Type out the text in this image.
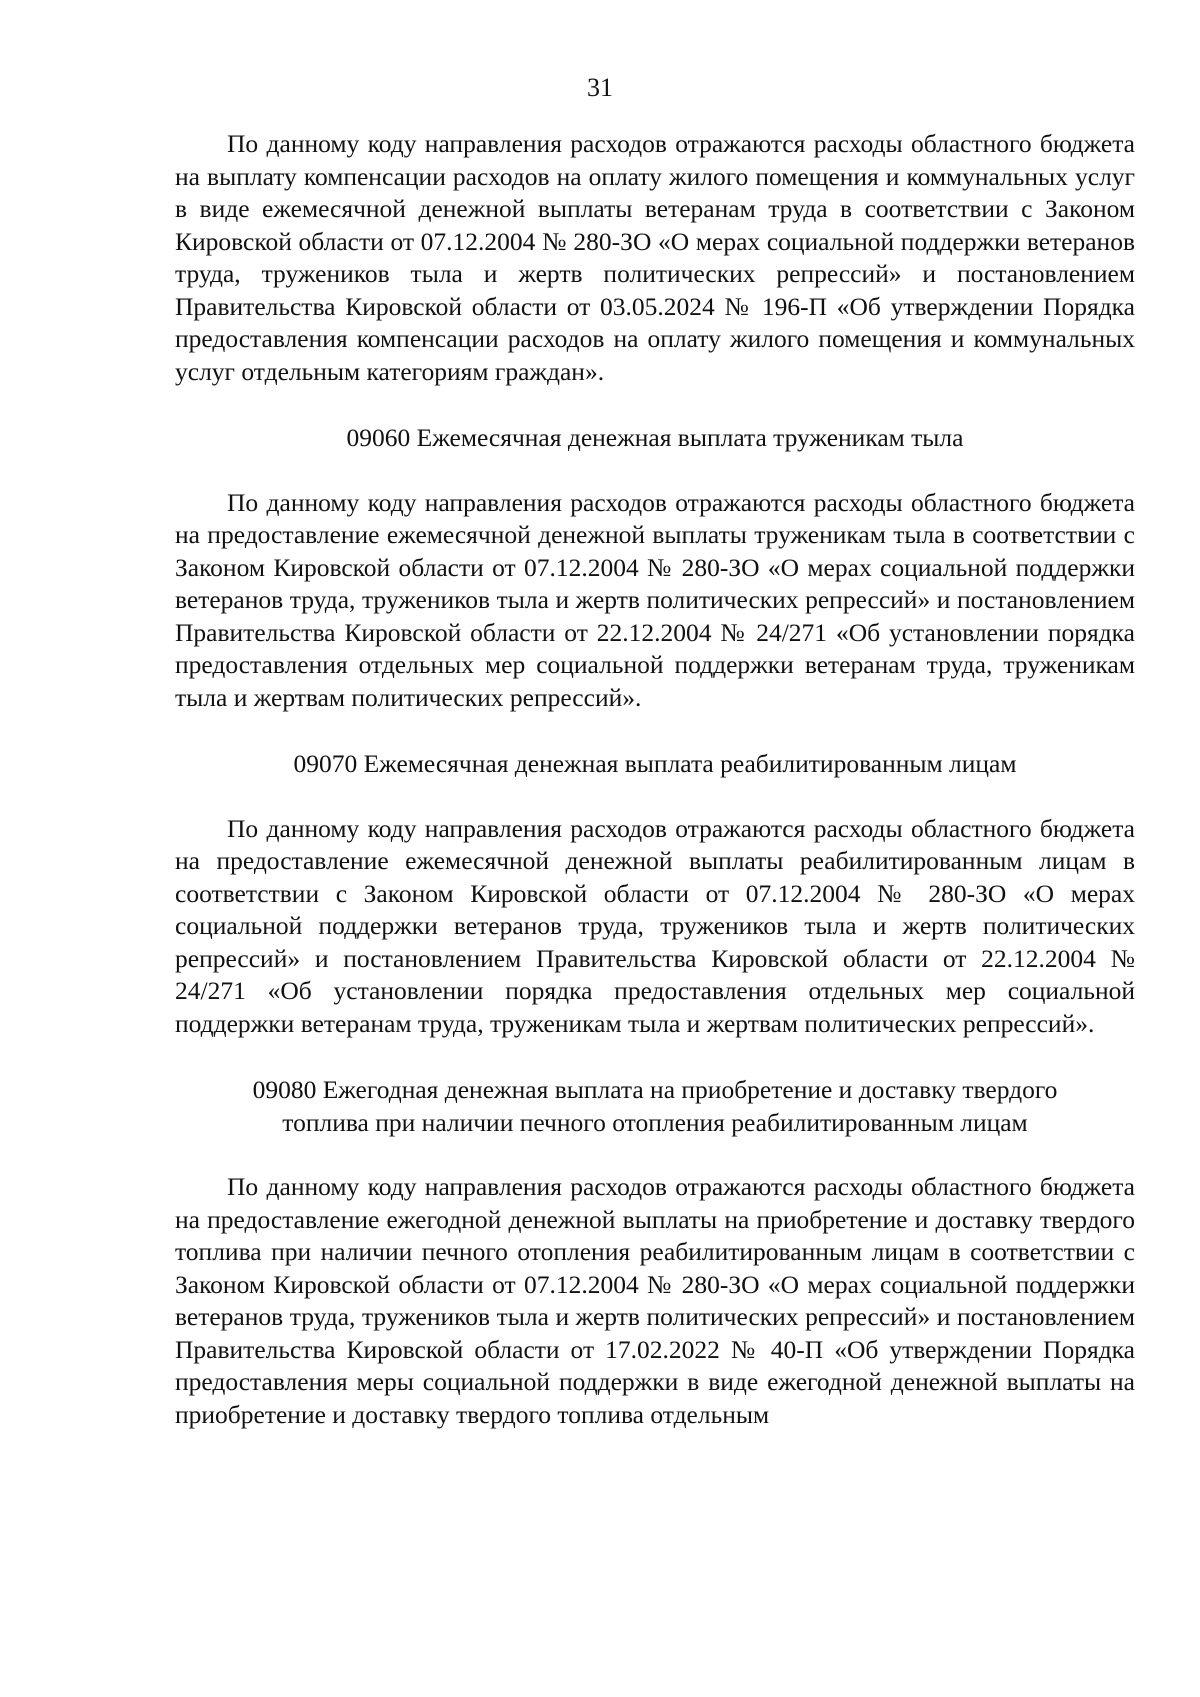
31

По данному коду направления расходов отражаются расходы областного бюджета на выплату компенсации расходов на оплату жилого помещения и коммунальных услуг в виде ежемесячной денежной выплаты ветеранам труда в соответствии с Законом Кировской области от 07.12.2004 № 280-ЗО «О мерах социальной поддержки ветеранов труда, тружеников тыла и жертв политических репрессий» и постановлением Правительства Кировской области от 03.05.2024 № 196-П «Об утверждении Порядка предоставления компенсации расходов на оплату жилого помещения и коммунальных услуг отдельным категориям граждан».

09060 Ежемесячная денежная выплата труженикам тыла

По данному коду направления расходов отражаются расходы областного бюджета на предоставление ежемесячной денежной выплаты труженикам тыла в соответствии с Законом Кировской области от 07.12.2004 № 280-ЗО «О мерах социальной поддержки ветеранов труда, тружеников тыла и жертв политических репрессий» и постановлением Правительства Кировской области от 22.12.2004 № 24/271 «Об установлении порядка предоставления отдельных мер социальной поддержки ветеранам труда, труженикам тыла и жертвам политических репрессий».

09070 Ежемесячная денежная выплата реабилитированным лицам

По данному коду направления расходов отражаются расходы областного бюджета на предоставление ежемесячной денежной выплаты реабилитированным лицам в соответствии с Законом Кировской области от 07.12.2004 № 280-ЗО «О мерах социальной поддержки ветеранов труда, тружеников тыла и жертв политических репрессий» и постановлением Правительства Кировской области от 22.12.2004 № 24/271 «Об установлении порядка предоставления отдельных мер социальной поддержки ветеранам труда, труженикам тыла и жертвам политических репрессий».

09080 Ежегодная денежная выплата на приобретение и доставку твердого топлива при наличии печного отопления реабилитированным лицам

По данному коду направления расходов отражаются расходы областного бюджета на предоставление ежегодной денежной выплаты на приобретение и доставку твердого топлива при наличии печного отопления реабилитированным лицам в соответствии с Законом Кировской области от 07.12.2004 № 280-ЗО «О мерах социальной поддержки ветеранов труда, тружеников тыла и жертв политических репрессий» и постановлением Правительства Кировской области от 17.02.2022 № 40-П «Об утверждении Порядка предоставления меры социальной поддержки в виде ежегодной денежной выплаты на приобретение и доставку твердого топлива отдельным
